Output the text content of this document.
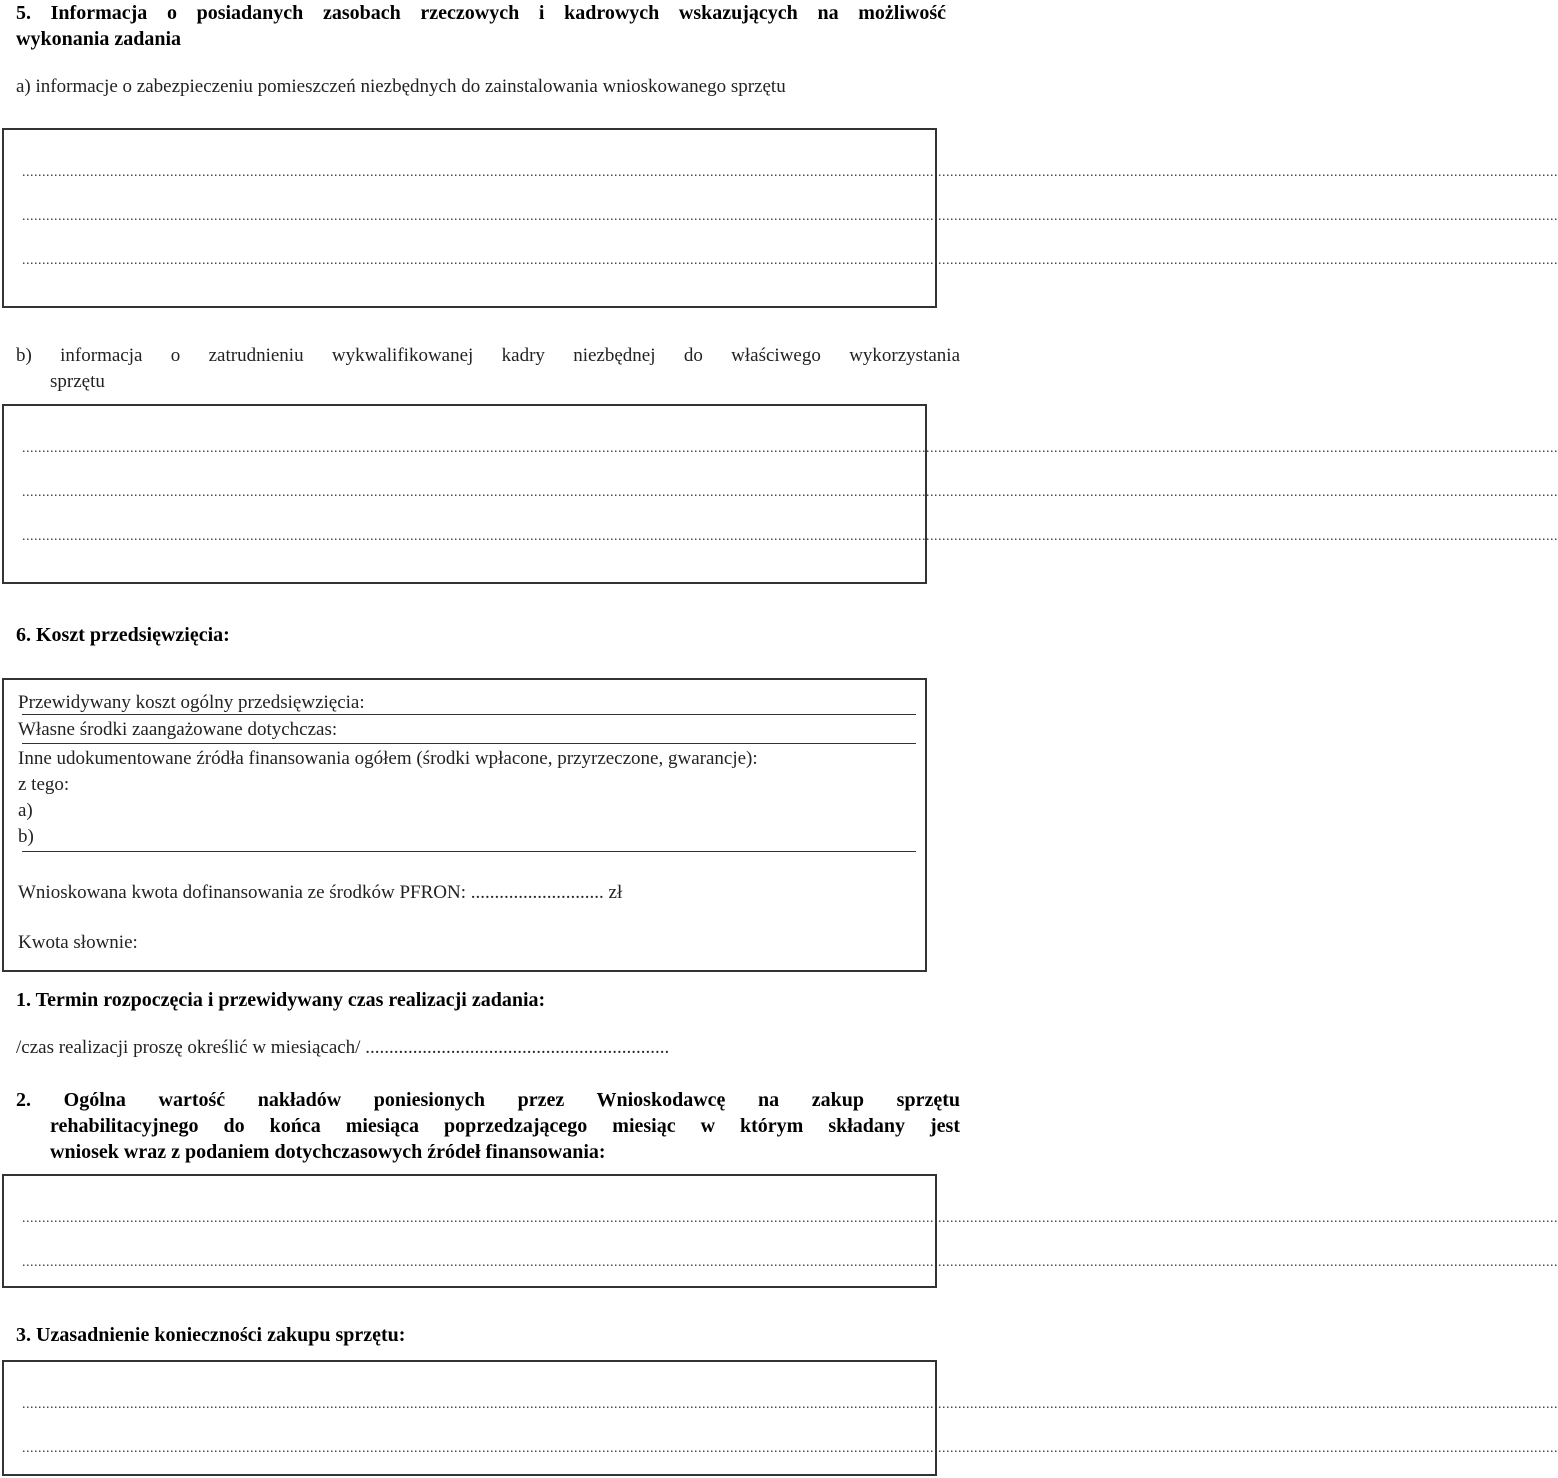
5. Informacja o posiadanych zasobach rzeczowych i kadrowych wskazujących na możliwość
wykonania zadania
a) informacje o zabezpieczeniu pomieszczeń niezbędnych do zainstalowania wnioskowanego sprzętu
................................................................................................................................................................................................................................................................................................................................................................................................
................................................................................................................................................................................................................................................................................................................................................................................................
................................................................................................................................................................................................................................................................................................................................................................................................
b) informacja o zatrudnieniu wykwalifikowanej kadry niezbędnej do właściwego wykorzystania
sprzętu
................................................................................................................................................................................................................................................................................................................................................................................................
................................................................................................................................................................................................................................................................................................................................................................................................
................................................................................................................................................................................................................................................................................................................................................................................................
6. Koszt przedsięwzięcia:
Przewidywany koszt ogólny przedsięwzięcia:
Własne środki zaangażowane dotychczas:
Inne udokumentowane źródła finansowania ogółem (środki wpłacone, przyrzeczone, gwarancje):
z tego:
a)
b)
Wnioskowana kwota dofinansowania ze środków PFRON: ............................ zł
Kwota słownie:
1. Termin rozpoczęcia i przewidywany czas realizacji zadania:
/czas realizacji proszę określić w miesiącach/ ................................................................
2. Ogólna wartość nakładów poniesionych przez Wnioskodawcę na zakup sprzętu
rehabilitacyjnego do końca miesiąca poprzedzającego miesiąc w którym składany jest
wniosek wraz z podaniem dotychczasowych źródeł finansowania:
................................................................................................................................................................................................................................................................................................................................................................................................
................................................................................................................................................................................................................................................................................................................................................................................................
3. Uzasadnienie konieczności zakupu sprzętu:
................................................................................................................................................................................................................................................................................................................................................................................................
................................................................................................................................................................................................................................................................................................................................................................................................
